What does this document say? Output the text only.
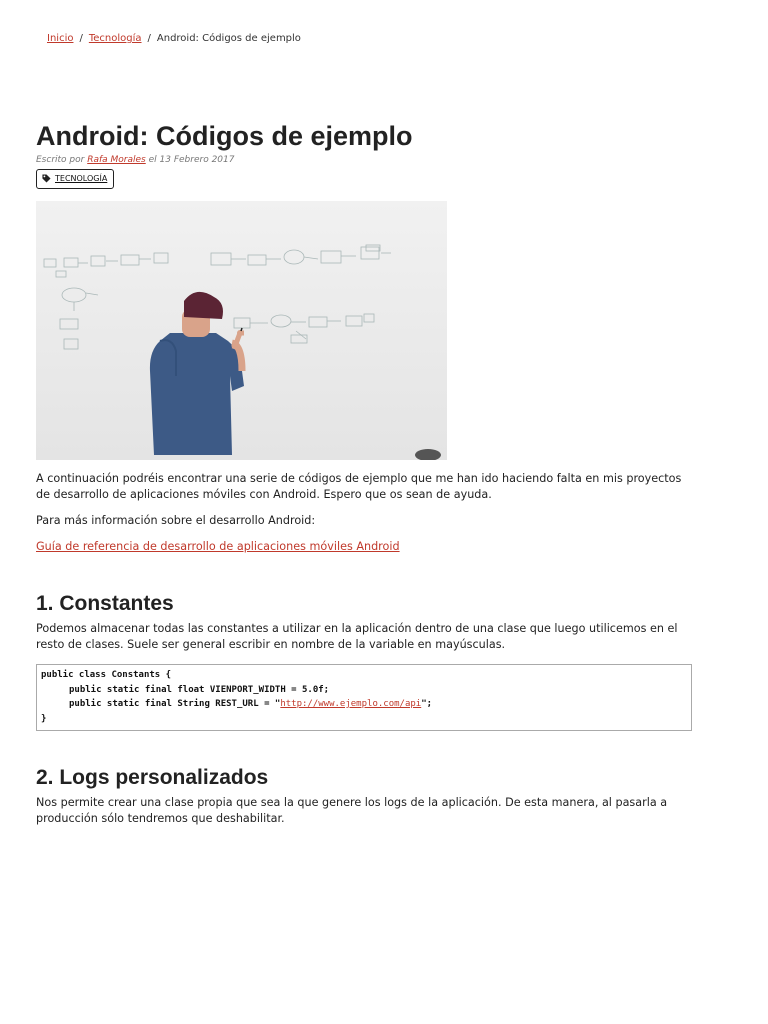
Inicio / Tecnología / Android: Códigos de ejemplo
Android: Códigos de ejemplo
Escrito por Rafa Morales el 13 Febrero 2017
TECNOLOGÍA

A continuación podréis encontrar una serie de códigos de ejemplo que me han ido haciendo falta en mis proyectos de desarrollo de aplicaciones móviles con Android. Espero que os sean de ayuda.

Para más información sobre el desarrollo Android:

Guía de referencia de desarrollo de aplicaciones móviles Android

1. Constantes

Podemos almacenar todas las constantes a utilizar en la aplicación dentro de una clase que luego utilicemos en el resto de clases. Suele ser general escribir en nombre de la variable en mayúsculas.

public class Constants {
public static final float VIENPORT_WIDTH = 5.0f;
public static final String REST_URL = "http://www.ejemplo.com/api";
}
2. Logs personalizados

Nos permite crear una clase propia que sea la que genere los logs de la aplicación. De esta manera, al pasarla a producción sólo tendremos que deshabilitar.
